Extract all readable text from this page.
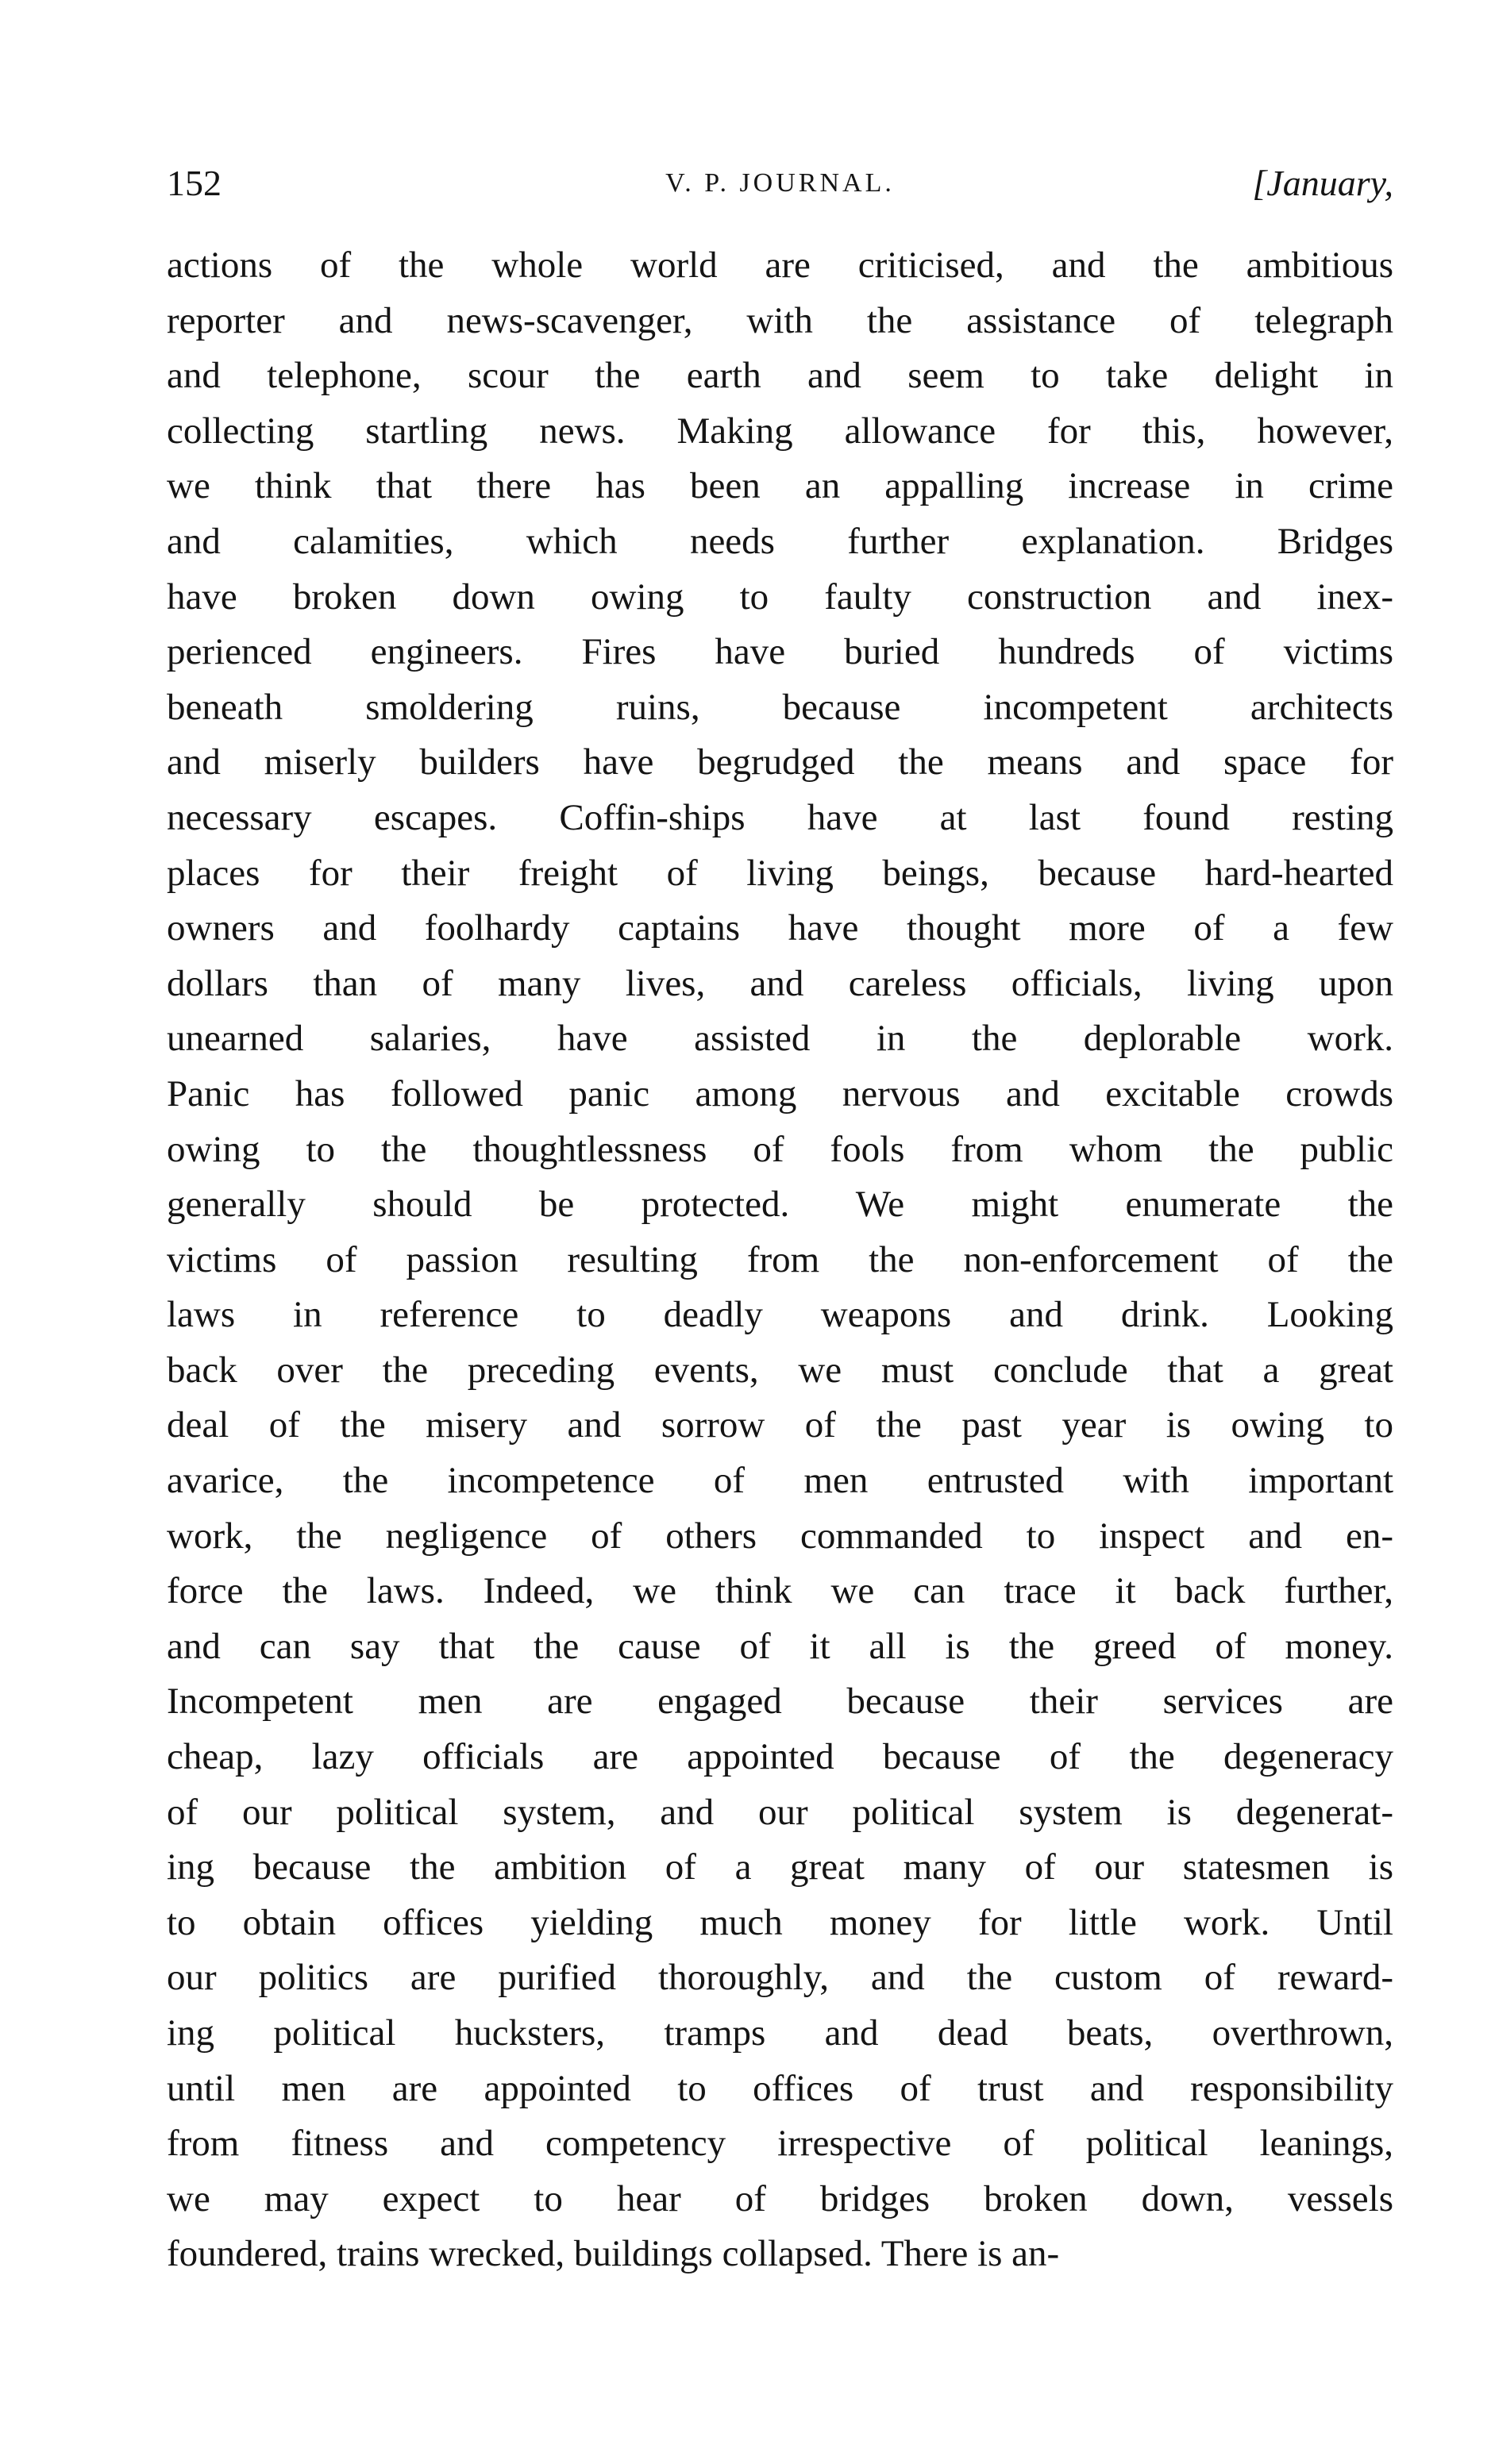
152	V. P. JOURNAL.	[January,
actions of the whole world are criticised, and the ambitious
reporter and news-scavenger, with the assistance of telegraph
and telephone, scour the earth and seem to take delight in
collecting startling news. Making allowance for this, however,
we think that there has been an appalling increase in crime
and calamities, which needs further explanation. Bridges
have broken down owing to faulty construction and inex-
perienced engineers. Fires have buried hundreds of victims
beneath smoldering ruins, because incompetent architects
and miserly builders have begrudged the means and space for
necessary escapes. Coffin-ships have at last found resting
places for their freight of living beings, because hard-hearted
owners and foolhardy captains have thought more of a few
dollars than of many lives, and careless officials, living upon
unearned salaries, have assisted in the deplorable work.
Panic has followed panic among nervous and excitable crowds
owing to the thoughtlessness of fools from whom the public
generally should be protected. We might enumerate the
victims of passion resulting from the non-enforcement of the
laws in reference to deadly weapons and drink. Looking
back over the preceding events, we must conclude that a great
deal of the misery and sorrow of the past year is owing to
avarice, the incompetence of men entrusted with important
work, the negligence of others commanded to inspect and en-
force the laws. Indeed, we think we can trace it back further,
and can say that the cause of it all is the greed of money.
Incompetent men are engaged because their services are
cheap, lazy officials are appointed because of the degeneracy
of our political system, and our political system is degenerat-
ing because the ambition of a great many of our statesmen is
to obtain offices yielding much money for little work. Until
our politics are purified thoroughly, and the custom of reward-
ing political hucksters, tramps and dead beats, overthrown,
until men are appointed to offices of trust and responsibility
from fitness and competency irrespective of political leanings,
we may expect to hear of bridges broken down, vessels
foundered, trains wrecked, buildings collapsed. There is an-
